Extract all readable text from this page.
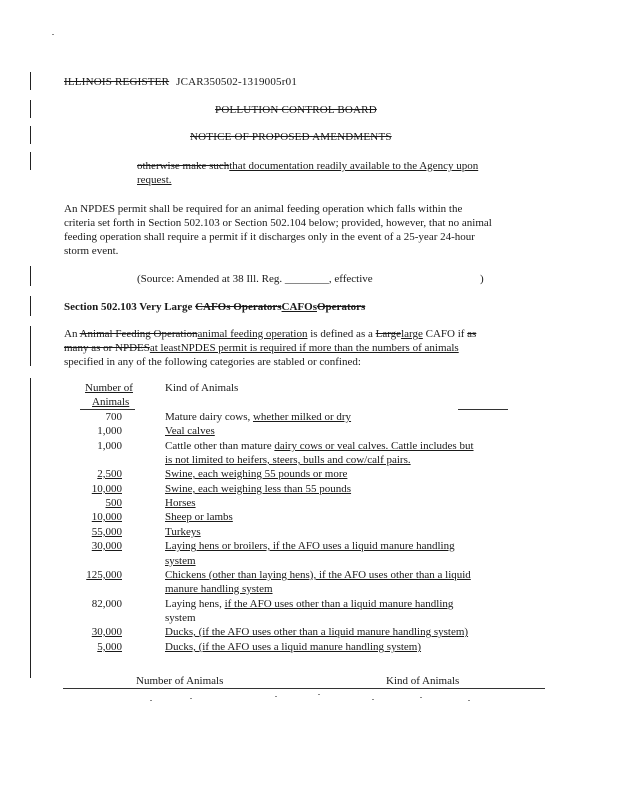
ILLINOIS REGISTER JCAR350502-1319005r01
POLLUTION CONTROL BOARD
NOTICE OF PROPOSED AMENDMENTS
otherwise make suchthat documentation readily available to the Agency upon
request.
An NPDES permit shall be required for an animal feeding operation which falls within the
criteria set forth in Section 502.103 or Section 502.104 below; provided, however, that no animal
feeding operation shall require a permit if it discharges only in the event of a 25-year 24-hour
storm event.
(Source: Amended at 38 Ill. Reg. ________, effective	)
Section 502.103 Very Large CAFOs OperatorsCAFOsOperators
An Animal Feeding Operationanimal feeding operation is defined as a Largelarge CAFO if as
many as or NPDESat leastNPDES permit is required if more than the numbers of animals
specified in any of the following categories are stabled or confined:
Number of
Animals
Kind of Animals
700	Mature dairy cows, whether milked or dry
1,000	Veal calves
1,000	Cattle other than mature dairy cows or veal calves. Cattle includes but
is not limited to heifers, steers, bulls and cow/calf pairs.
2,500	Swine, each weighing 55 pounds or more
10,000	Swine, each weighing less than 55 pounds
500	Horses
10,000	Sheep or lambs
55,000	Turkeys
30,000	Laying hens or broilers, if the AFO uses a liquid manure handling
system
125,000	Chickens (other than laying hens), if the AFO uses other than a liquid
manure handling system
82,000	Laying hens, if the AFO uses other than a liquid manure handling
system
30,000	Ducks, (if the AFO uses other than a liquid manure handling system)
5,000	Ducks, (if the AFO uses a liquid manure handling system)
Number of Animals	Kind of Animals
